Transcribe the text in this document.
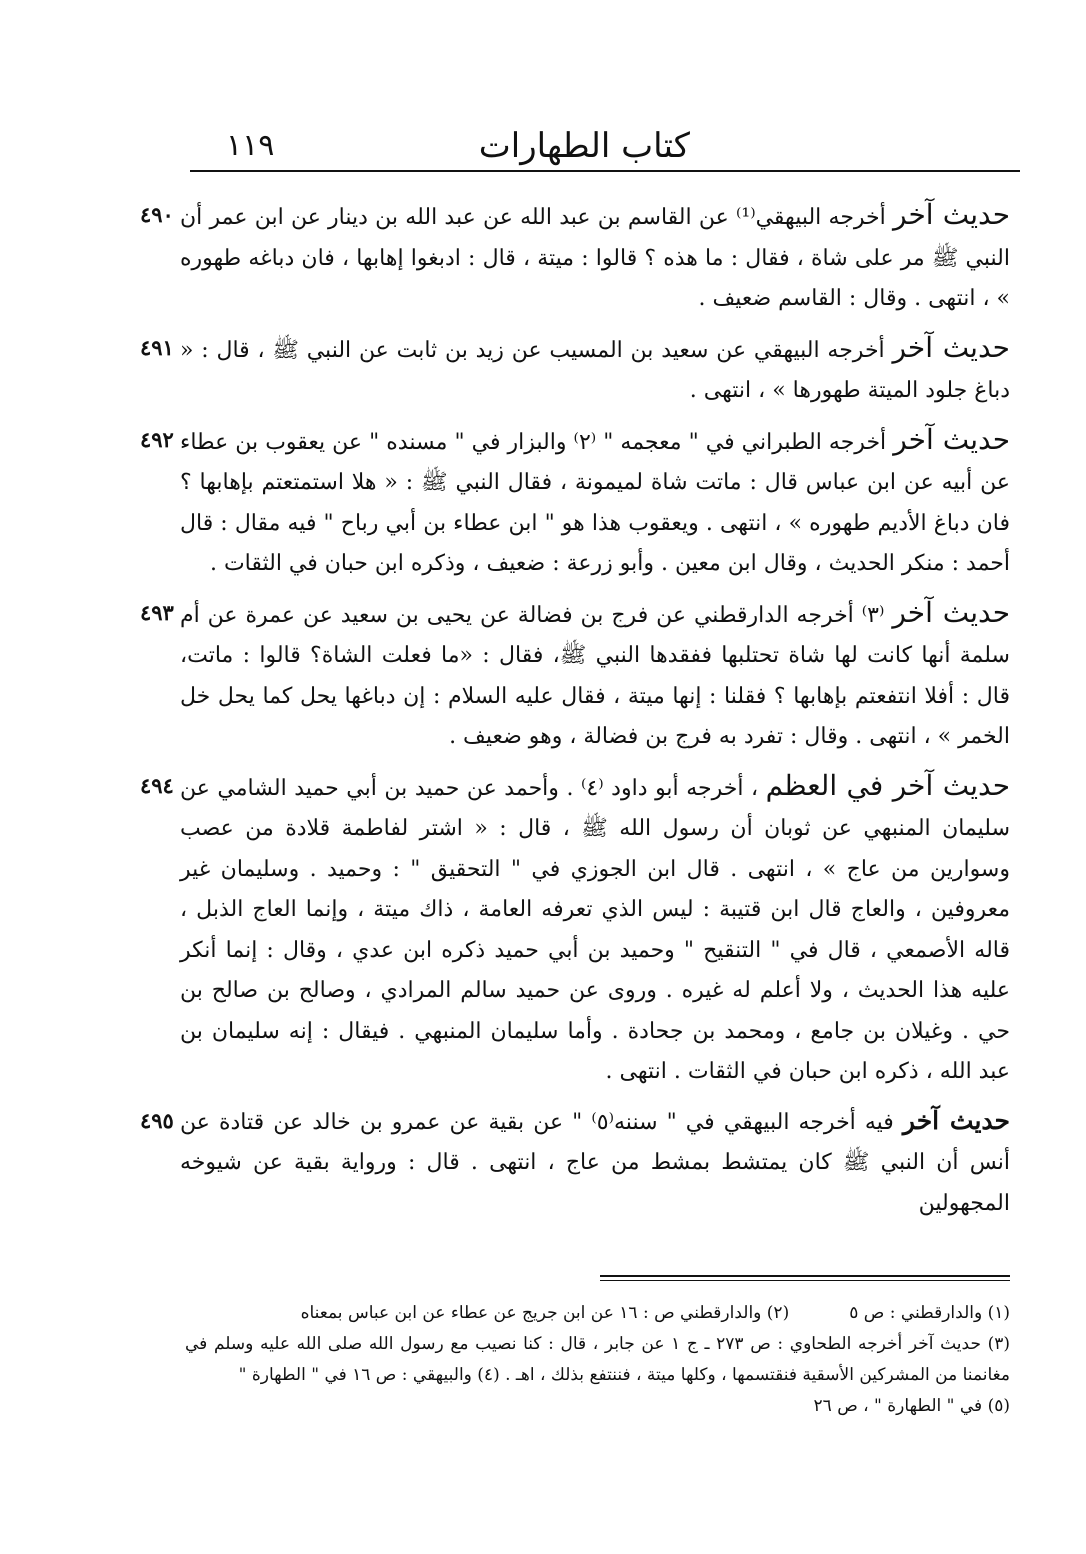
كتاب الطهارات
١١٩

٤٩٠	حديث آخر أخرجه البيهقي⁽¹⁾ عن القاسم بن عبد الله عن عبد الله بن دينار عن ابن عمر أن النبي ﷺ مر على شاة ، فقال : ما هذه ؟ قالوا : ميتة ، قال : ادبغوا إهابها ، فان دباغه طهوره » ، انتهى . وقال : القاسم ضعيف .

٤٩١	حديث آخر أخرجه البيهقي عن سعيد بن المسيب عن زيد بن ثابت عن النبي ﷺ ، قال : « دباغ جلود الميتة طهورها » ، انتهى .

٤٩٢	حديث آخر أخرجه الطبراني في " معجمه " ⁽٢⁾ والبزار في " مسنده " عن يعقوب بن عطاء عن أبيه عن ابن عباس قال : ماتت شاة لميمونة ، فقال النبي ﷺ : « هلا استمتعتم بإهابها ؟ فان دباغ الأديم طهوره » ، انتهى . ويعقوب هذا هو " ابن عطاء بن أبي رباح " فيه مقال : قال أحمد : منكر الحديث ، وقال ابن معين . وأبو زرعة : ضعيف ، وذكره ابن حبان في الثقات .

٤٩٣	حديث آخر ⁽٣⁾ أخرجه الدارقطني عن فرج بن فضالة عن يحيى بن سعيد عن عمرة عن أم سلمة أنها كانت لها شاة تحتلبها ففقدها النبي ﷺ، فقال : «ما فعلت الشاة؟ قالوا : ماتت، قال : أفلا انتفعتم بإهابها ؟ فقلنا : إنها ميتة ، فقال عليه السلام : إن دباغها يحل كما يحل خل الخمر » ، انتهى . وقال : تفرد به فرج بن فضالة ، وهو ضعيف .

٤٩٤	حديث آخر في العظم ، أخرجه أبو داود ⁽٤⁾ . وأحمد عن حميد بن أبي حميد الشامي عن سليمان المنبهي عن ثوبان أن رسول الله ﷺ ، قال : « اشتر لفاطمة قلادة من عصب وسوارين من عاج » ، انتهى . قال ابن الجوزي في " التحقيق " : وحميد . وسليمان غير معروفين ، والعاج قال ابن قتيبة : ليس الذي تعرفه العامة ، ذاك ميتة ، وإنما العاج الذبل ، قاله الأصمعي ، قال في " التنقيح " وحميد بن أبي حميد ذكره ابن عدي ، وقال : إنما أنكر عليه هذا الحديث ، ولا أعلم له غيره . وروى عن حميد سالم المرادي ، وصالح بن صالح بن حي . وغيلان بن جامع ، ومحمد بن جحادة . وأما سليمان المنبهي . فيقال : إنه سليمان بن عبد الله ، ذكره ابن حبان في الثقات . انتهى .

٤٩٥	حديث آخر فيه أخرجه البيهقي في " سننه⁽٥⁾ " عن بقية عن عمرو بن خالد عن قتادة عن أنس أن النبي ﷺ كان يمتشط بمشط من عاج ، انتهى . قال : ورواية بقية عن شيوخه المجهولين

(١) والدارقطني : ص ٥

(٢) والدارقطني ص : ١٦ عن ابن جريج عن عطاء عن ابن عباس بمعناه

(٣) حديث آخر أخرجه الطحاوي : ص ٢٧٣ ـ ج ١ عن جابر ، قال : كنا نصيب مع رسول الله صلى الله عليه وسلم في مغانمنا من المشركين الأسقية فنقتسمها ، وكلها ميتة ، فننتفع بذلك ، اهـ . (٤) والبيهقي : ص ١٦ في " الطهارة "

(٥) في " الطهارة " ، ص ٢٦
